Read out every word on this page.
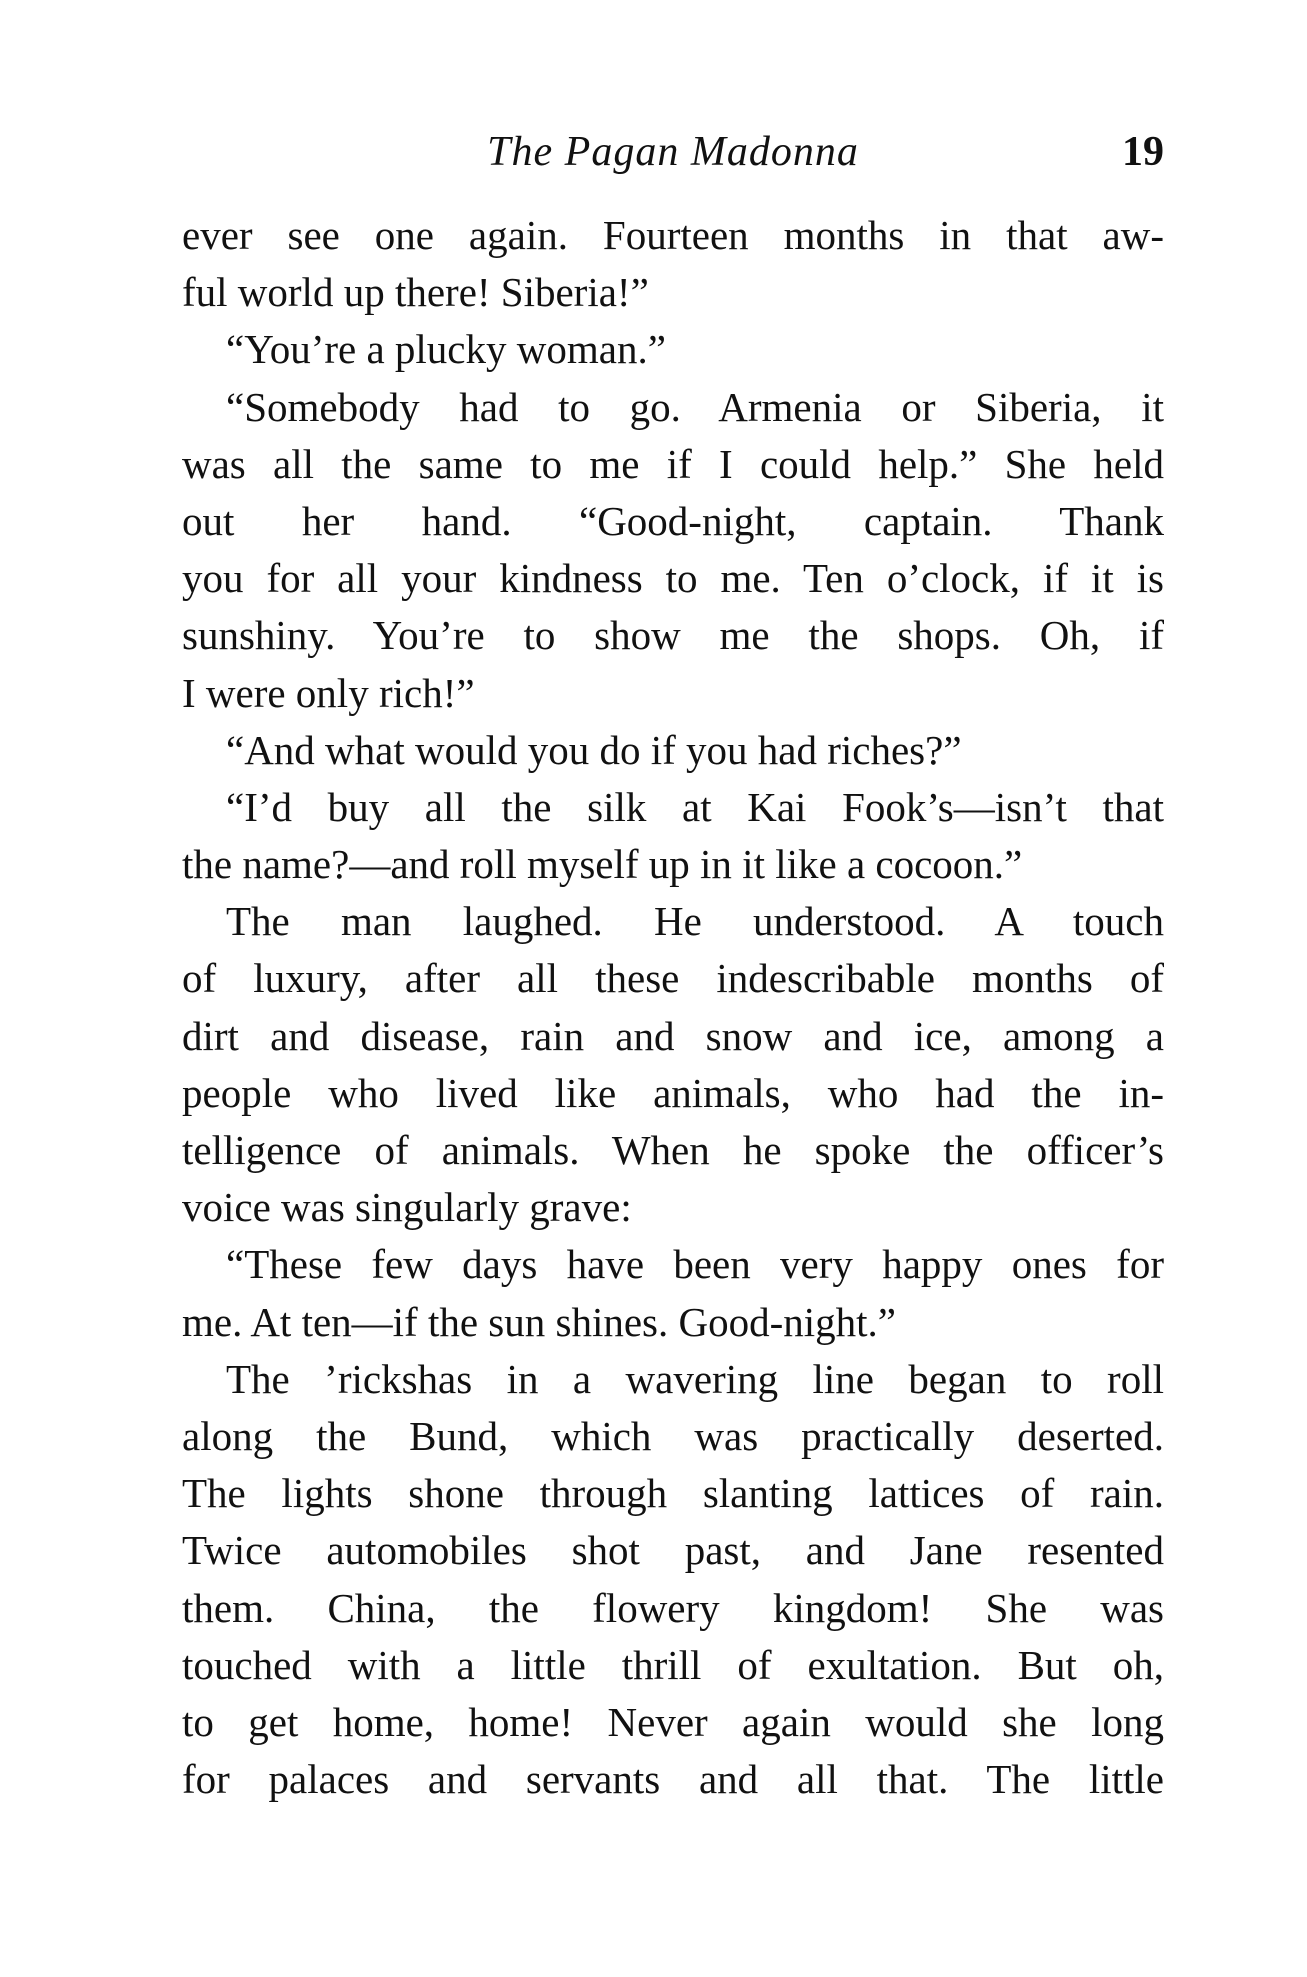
The Pagan Madonna	19
ever see one again. Fourteen months in that aw-
ful world up there! Siberia!”
“You’re a plucky woman.”
“Somebody had to go. Armenia or Siberia, it
was all the same to me if I could help.” She held
out her hand. “Good-night, captain. Thank
you for all your kindness to me. Ten o’clock, if it is
sunshiny. You’re to show me the shops. Oh, if
I were only rich!”
“And what would you do if you had riches?”
“I’d buy all the silk at Kai Fook’s—isn’t that
the name?—and roll myself up in it like a cocoon.”
The man laughed. He understood. A touch
of luxury, after all these indescribable months of
dirt and disease, rain and snow and ice, among a
people who lived like animals, who had the in-
telligence of animals. When he spoke the officer’s
voice was singularly grave:
“These few days have been very happy ones for
me. At ten—if the sun shines. Good-night.”
The ’rickshas in a wavering line began to roll
along the Bund, which was practically deserted.
The lights shone through slanting lattices of rain.
Twice automobiles shot past, and Jane resented
them. China, the flowery kingdom! She was
touched with a little thrill of exultation. But oh,
to get home, home! Never again would she long
for palaces and servants and all that. The little
